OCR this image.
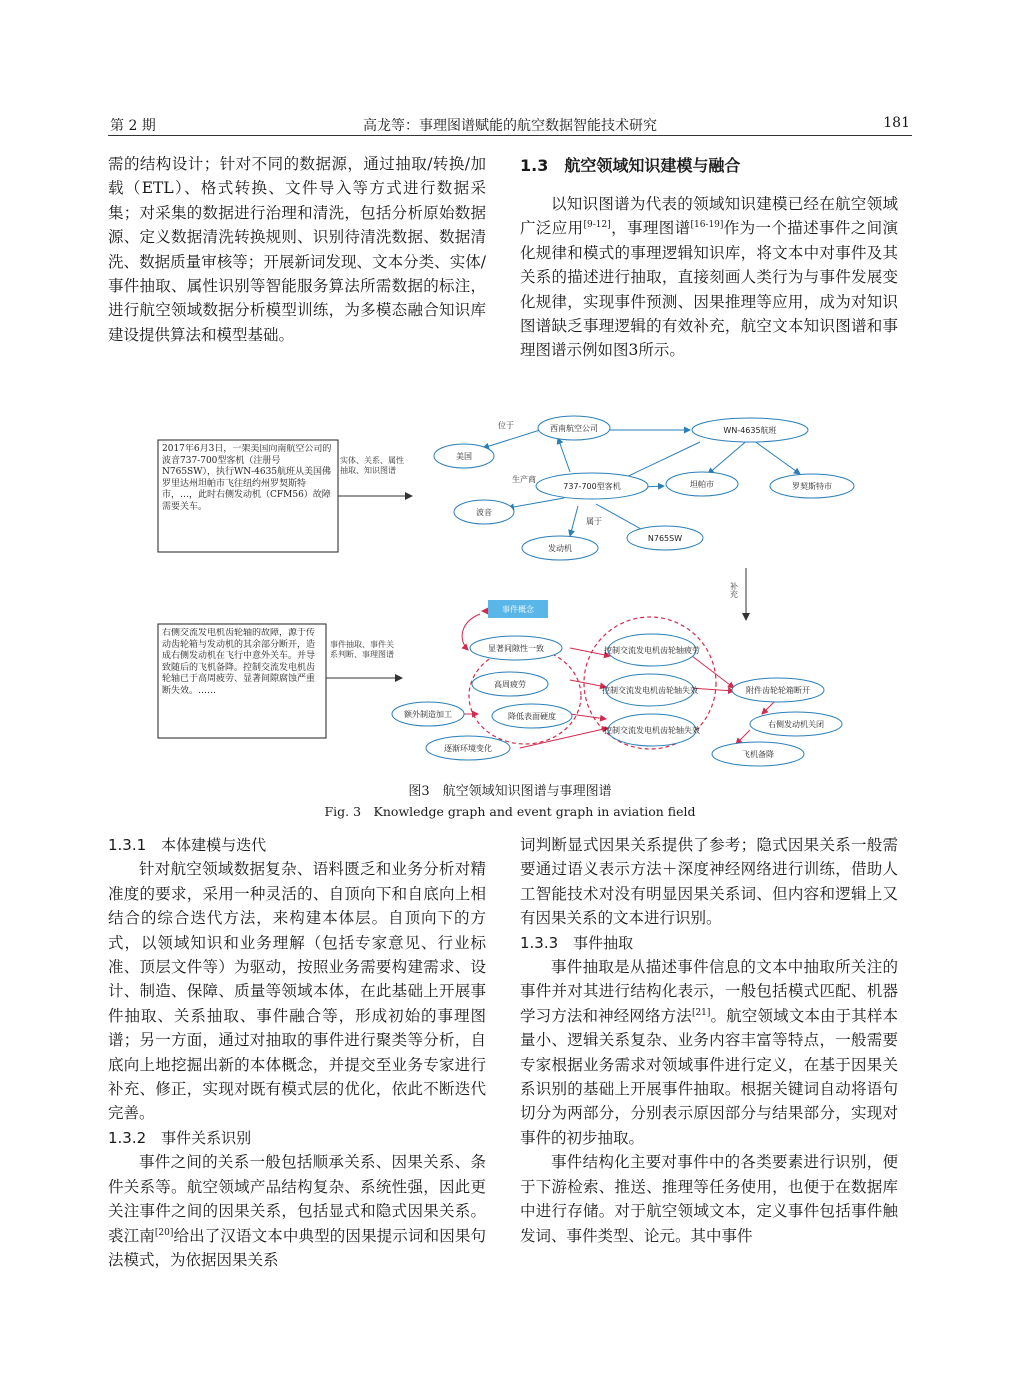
第 2 期	高龙等：事理图谱赋能的航空数据智能技术研究	181

需的结构设计；针对不同的数据源，通过抽取/转换/加载（ETL）、格式转换、文件导入等方式进行数据采集；对采集的数据进行治理和清洗，包括分析原始数据源、定义数据清洗转换规则、识别待清洗数据、数据清洗、数据质量审核等；开展新词发现、文本分类、实体/事件抽取、属性识别等智能服务算法所需数据的标注，进行航空领域数据分析模型训练，为多模态融合知识库建设提供算法和模型基础。

1.3　航空领域知识建模与融合

以知识图谱为代表的领域知识建模已经在航空领域广泛应用[9-12]，事理图谱[16-19]作为一个描述事件之间演化规律和模式的事理逻辑知识库，将文本中对事件及其关系的描述进行抽取，直接刻画人类行为与事件发展变化规律，实现事件预测、因果推理等应用，成为对知识图谱缺乏事理逻辑的有效补充，航空文本知识图谱和事理图谱示例如图3所示。

2017年6月3日，一架美国向南航空公司的波音737-700型客机（注册号N765SW），执行WN-4635航班从美国佛罗里达州坦帕市飞往纽约州罗契斯特市，…，此时右侧发动机（CFM56）故障需要关车。
实体、关系、属性抽取、知识图谱
位于
生产商
属于
美国
西南航空公司	WN-4635航班
737-700型客机	坦帕市	罗契斯特市
波音
N765SW
发动机
补充
右侧交流发电机齿轮轴的故障，源于传动齿轮箱与发动机的其余部分断开，造成右侧发动机在飞行中意外关车。并导致随后的飞机备降。控制交流发电机齿轮轴已于高周疲劳、显著间隙腐蚀严重断失效。……
事件抽取、事件关系判断、事理图谱
事件概念
显著间隙性一致	控制交流发电机齿轮轴疲劳
高周疲劳
控制交流发电机齿轮轴失效
额外制造加工	降低表面硬度
控制交流发电机齿轮轴失效
逐渐环境变化
附件齿轮轮箱断开
右侧发动机关闭
飞机备降
图3　航空领域知识图谱与事理图谱
Fig. 3　Knowledge graph and event graph in aviation field

1.3.1　本体建模与迭代

针对航空领域数据复杂、语料匮乏和业务分析对精准度的要求，采用一种灵活的、自顶向下和自底向上相结合的综合迭代方法，来构建本体层。自顶向下的方式，以领域知识和业务理解（包括专家意见、行业标准、顶层文件等）为驱动，按照业务需要构建需求、设计、制造、保障、质量等领域本体，在此基础上开展事件抽取、关系抽取、事件融合等，形成初始的事理图谱；另一方面，通过对抽取的事件进行聚类等分析，自底向上地挖掘出新的本体概念，并提交至业务专家进行补充、修正，实现对既有模式层的优化，依此不断迭代完善。

1.3.2　事件关系识别

事件之间的关系一般包括顺承关系、因果关系、条件关系等。航空领域产品结构复杂、系统性强，因此更关注事件之间的因果关系，包括显式和隐式因果关系。裘江南[20]给出了汉语文本中典型的因果提示词和因果句法模式，为依据因果关系

词判断显式因果关系提供了参考；隐式因果关系一般需要通过语义表示方法＋深度神经网络进行训练，借助人工智能技术对没有明显因果关系词、但内容和逻辑上又有因果关系的文本进行识别。

1.3.3　事件抽取

事件抽取是从描述事件信息的文本中抽取所关注的事件并对其进行结构化表示，一般包括模式匹配、机器学习方法和神经网络方法[21]。航空领域文本由于其样本量小、逻辑关系复杂、业务内容丰富等特点，一般需要专家根据业务需求对领域事件进行定义，在基于因果关系识别的基础上开展事件抽取。根据关键词自动将语句切分为两部分，分别表示原因部分与结果部分，实现对事件的初步抽取。

事件结构化主要对事件中的各类要素进行识别，便于下游检索、推送、推理等任务使用，也便于在数据库中进行存储。对于航空领域文本，定义事件包括事件触发词、事件类型、论元。其中事件
